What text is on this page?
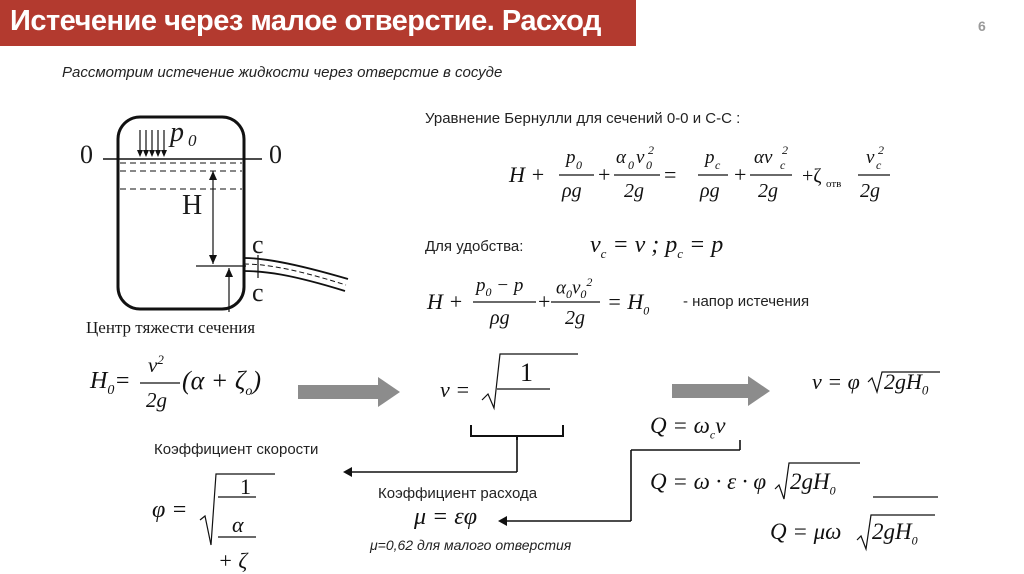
Истечение через малое отверстие. Расход	6
Рассмотрим истечение жидкости через отверстие в сосуде
0	0
p 0
H
c
c
Центр тяжести сечения
Уравнение Бернулли для сечений 0-0 и С-С :
H +
p 0
ρg
+
α 0 v 0
2
2g
=
p c
ρg
+
αv c
2
2g
+ζ отв
v c
2
2g
Для удобства:	$v_c = v$ ; $p_c = p$
H +
$p_0 - p$
ρg
+
$\alpha_0v_0^2$
2g
= $H_0$
- напор истечения
$H_0=$
$v^2$
2g
$(\alpha + \zeta_o)$	v =
1	v = φ $2gH_0$
$Q = \omega_cv$
Q = ω · ε · φ $2gH_0$
Q = μω $2gH_0$
Коэффициент скорости
φ =
1
α
+ ζ
Коэффициент расхода
μ = εφ
μ=0,62 для малого отверстия
